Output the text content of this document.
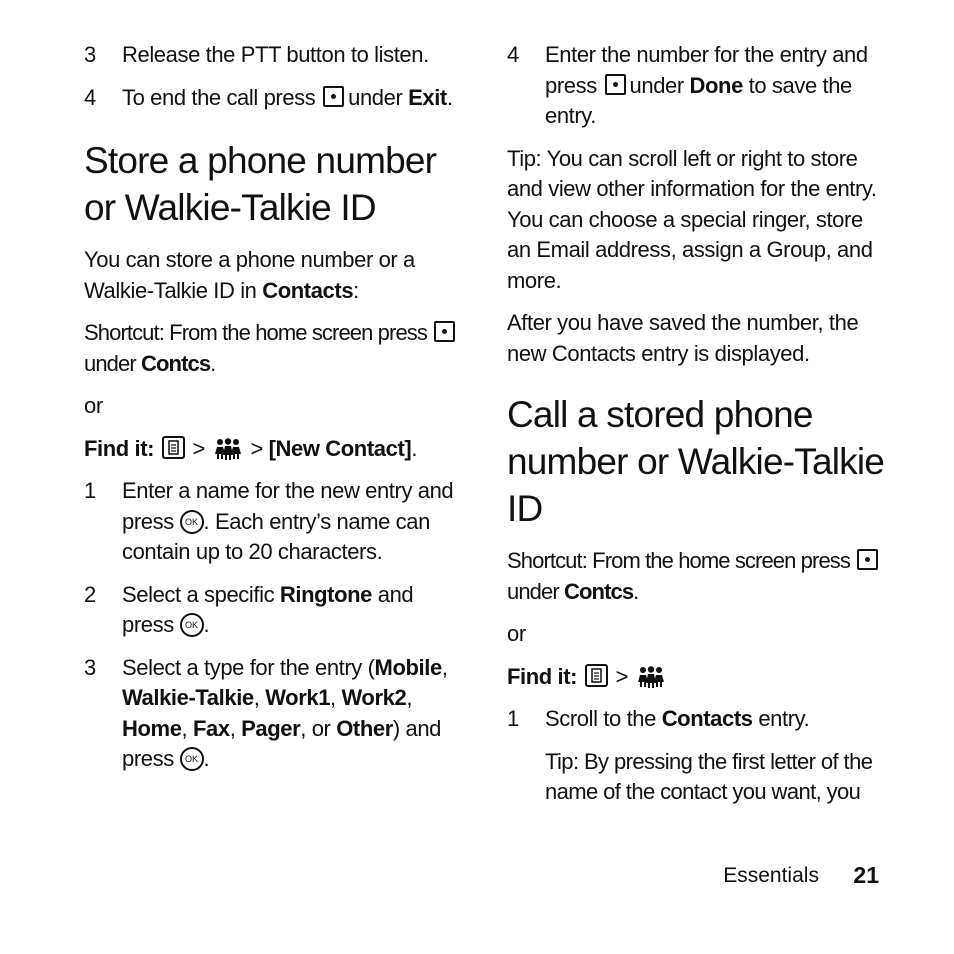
3 Release the PTT button to listen.
4 To end the call press under Exit.
Store a phone number or Walkie-Talkie ID
You can store a phone number or a Walkie-Talkie ID in Contacts:
Shortcut: From the home screen press  under Contcs.
or
Find it: > > [New Contact].
1 Enter a name for the new entry and press	OK . Each entry’s name can contain up to 20 characters.
2 Select a specific Ringtone and press	OK .
3 Select a type for the entry (Mobile, Walkie-Talkie, Work1, Work2, Home, Fax, Pager, or Other) and press	OK .
4 Enter the number for the entry and press under Done to save the entry.
Tip: You can scroll left or right to store and view other information for the entry. You can choose a special ringer, store an Email address, assign a Group, and more.
After you have saved the number, the new Contacts entry is displayed.
Call a stored phone number or Walkie-Talkie ID
Shortcut: From the home screen press  under Contcs.
or
Find it: >
1 Scroll to the Contacts entry.
Tip: By pressing the first letter of the name of the contact you want, you
Essentials 21
